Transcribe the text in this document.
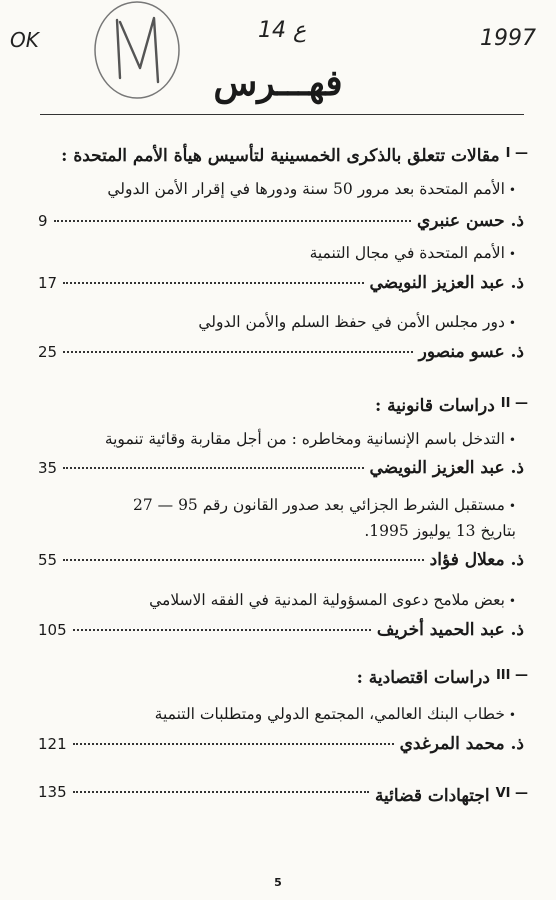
OK	ع 14	1997
فهـــرس
I —
مقالات تتعلق بالذكرى الخمسينية لتأسيس هيأة الأمم المتحدة :
•الأمم المتحدة بعد مرور 50 سنة ودورها في إقرار الأمن الدولي
ذ. حسن عنبري
9
•الأمم المتحدة في مجال التنمية
ذ. عبد العزيز النويضي
17
•دور مجلس الأمن في حفظ السلم والأمن الدولي
ذ. عسو منصور
25
II —
دراسات قانونية :
•التدخل باسم الإنسانية ومخاطره : من أجل مقاربة وقائية تنموية
ذ. عبد العزيز النويضي
35
•مستقبل الشرط الجزائي بعد صدور القانون رقم 95 — 27
بتاريخ 13 يوليوز 1995.
ذ. معلال فؤاد
55
•بعض ملامح دعوى المسؤولية المدنية في الفقه الاسلامي
ذ. عبد الحميد أخريف
105
III —
دراسات اقتصادية :
•خطاب البنك العالمي، المجتمع الدولي ومتطلبات التنمية
ذ. محمد المرغدي
121
VI —
اجتهادات قضائية
135
5
